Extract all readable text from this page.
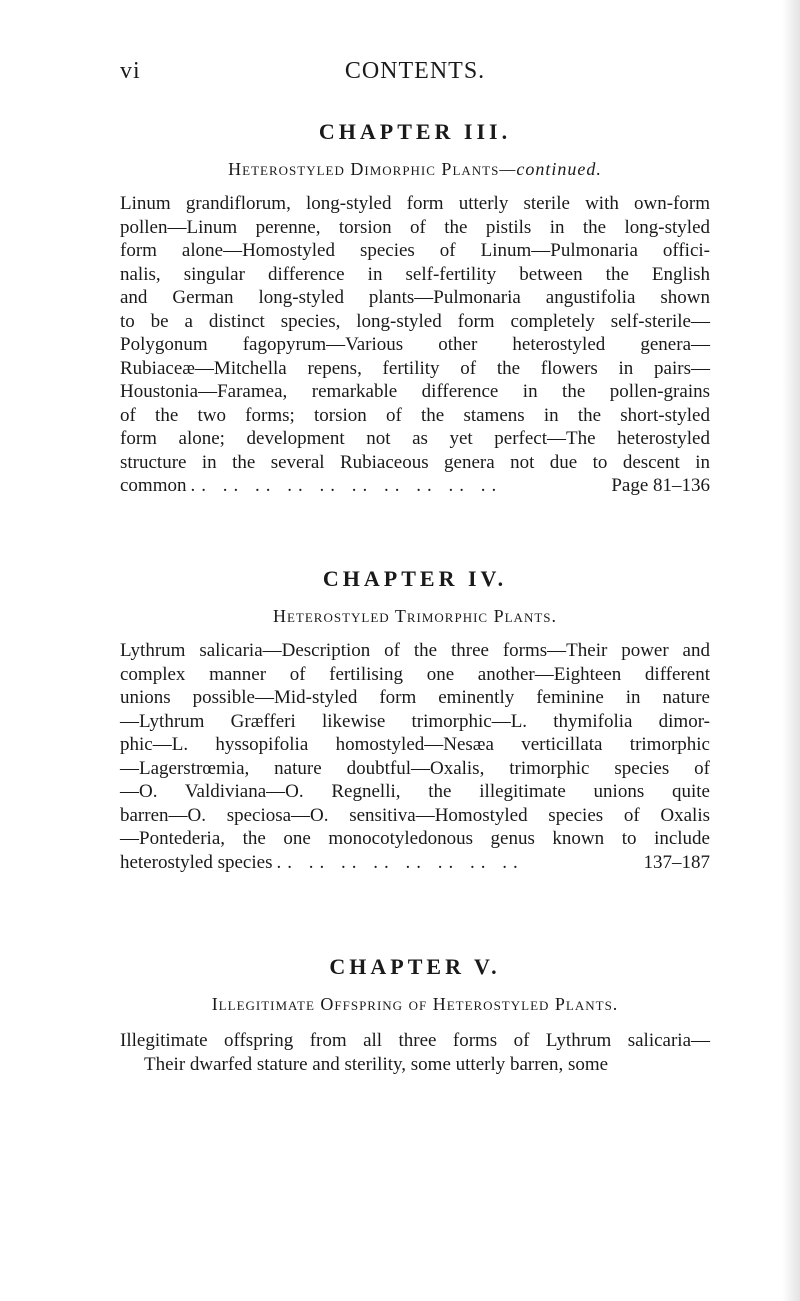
vi	CONTENTS.
CHAPTER III.

Heterostyled Dimorphic Plants—continued.

Linum grandiflorum, long-styled form utterly sterile with own-form
pollen—Linum perenne, torsion of the pistils in the long-styled
form alone—Homostyled species of Linum—Pulmonaria offici-
nalis, singular difference in self-fertility between the English
and German long-styled plants—Pulmonaria angustifolia shown
to be a distinct species, long-styled form completely self-sterile—
Polygonum fagopyrum—Various other heterostyled genera—
Rubiaceæ—Mitchella repens, fertility of the flowers in pairs—
Houstonia—Faramea, remarkable difference in the pollen-grains
of the two forms; torsion of the stamens in the short-styled
form alone; development not as yet perfect—The heterostyled
structure in the several Rubiaceous genera not due to descent in
common .. .. .. .. .. .. .. .. .. ..	Page 81–136
CHAPTER IV.

Heterostyled Trimorphic Plants.

Lythrum salicaria—Description of the three forms—Their power and
complex manner of fertilising one another—Eighteen different
unions possible—Mid-styled form eminently feminine in nature
—Lythrum Græfferi likewise trimorphic—L. thymifolia dimor-
phic—L. hyssopifolia homostyled—Nesæa verticillata trimorphic
—Lagerstrœmia, nature doubtful—Oxalis, trimorphic species of
—O. Valdiviana—O. Regnelli, the illegitimate unions quite
barren—O. speciosa—O. sensitiva—Homostyled species of Oxalis
—Pontederia, the one monocotyledonous genus known to include
heterostyled species .. .. .. .. .. .. .. ..	137–187
CHAPTER V.

Illegitimate Offspring of Heterostyled Plants.

Illegitimate offspring from all three forms of Lythrum salicaria—
Their dwarfed stature and sterility, some utterly barren, some
